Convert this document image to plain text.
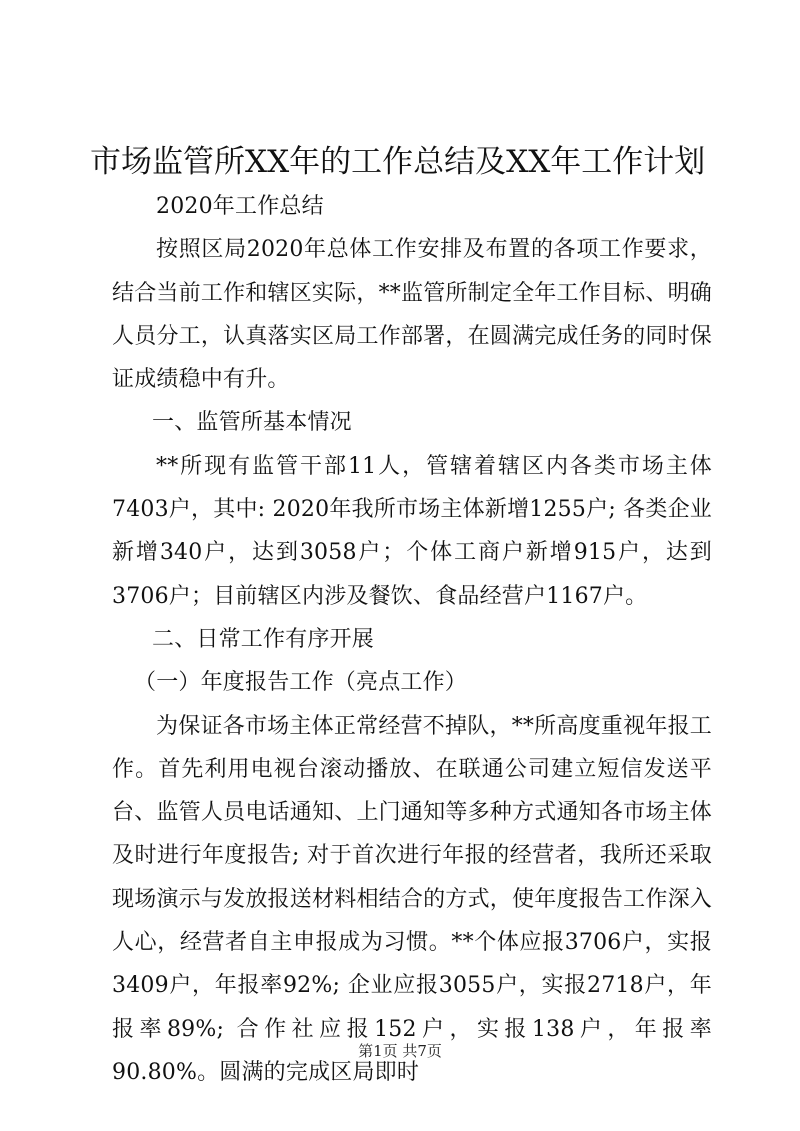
市场监管所XX年的工作总结及XX年工作计划

2020年工作总结

按照区局2020年总体工作安排及布置的各项工作要求，结合当前工作和辖区实际，**监管所制定全年工作目标、明确人员分工，认真落实区局工作部署，在圆满完成任务的同时保证成绩稳中有升。

一、监管所基本情况

**所现有监管干部11人，管辖着辖区内各类市场主体7403户，其中: 2020年我所市场主体新增1255户; 各类企业新增340户，达到3058户；个体工商户新增915户，达到3706户；目前辖区内涉及餐饮、食品经营户1167户。

二、日常工作有序开展

（一）年度报告工作（亮点工作）

为保证各市场主体正常经营不掉队，**所高度重视年报工作。首先利用电视台滚动播放、在联通公司建立短信发送平台、监管人员电话通知、上门通知等多种方式通知各市场主体及时进行年度报告; 对于首次进行年报的经营者，我所还采取现场演示与发放报送材料相结合的方式，使年度报告工作深入人心，经营者自主申报成为习惯。**个体应报3706户，实报3409户，年报率92%; 企业应报3055户，实报2718户，年报率89%; 合作社应报152户，实报138户，年报率90.80%。圆满的完成区局即时

第1页 共7页
